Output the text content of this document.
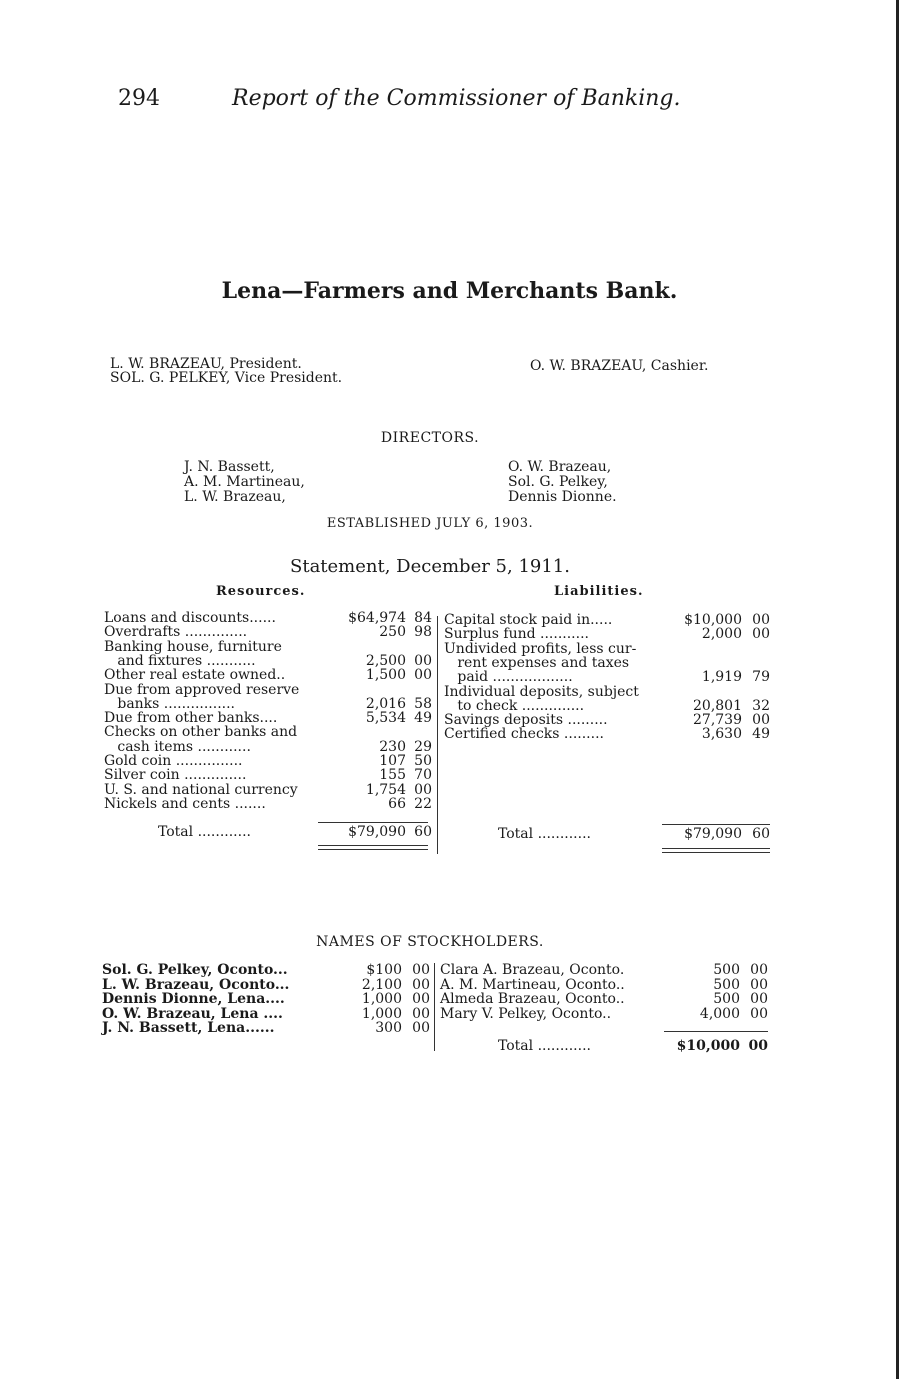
294	Report of the Commissioner of Banking.
Lena—Farmers and Merchants Bank.
L. W. BRAZEAU, President.
SOL. G. PELKEY, Vice President.
O. W. BRAZEAU, Cashier.
DIRECTORS.
J. N. Bassett,
A. M. Martineau,
L. W. Brazeau,
O. W. Brazeau,
Sol. G. Pelkey,
Dennis Dionne.
ESTABLISHED JULY 6, 1903.
Statement, December 5, 1911.
Resources.	Liabilities.
Loans and discounts......	$64,974 84
Overdrafts ..............	250 98
Banking house, furniture
and fixtures ...........	2,500 00
Other real estate owned..	1,500 00
Due from approved reserve
banks ................	2,016 58
Due from other banks....	5,534 49
Checks on other banks and
cash items ............	230 29
Gold coin ...............	107 50
Silver coin ..............	155 70
U. S. and national currency	1,754 00
Nickels and cents .......	66 22
Capital stock paid in.....	$10,000 00
Surplus fund ...........	2,000 00
Undivided profits, less cur-
rent expenses and taxes
paid ..................	1,919 79
Individual deposits, subject
to check ..............	20,801 32
Savings deposits .........	27,739 00
Certified checks .........	3,630 49
Total ............	$79,090 60	Total ............	$79,090 60
NAMES OF STOCKHOLDERS.
Sol. G. Pelkey, Oconto...	$100 00
L. W. Brazeau, Oconto...	2,100 00
Dennis Dionne, Lena....	1,000 00
O. W. Brazeau, Lena ....	1,000 00
J. N. Bassett, Lena......	300 00
Clara A. Brazeau, Oconto.	500 00
A. M. Martineau, Oconto..	500 00
Almeda Brazeau, Oconto..	500 00
Mary V. Pelkey, Oconto..	4,000 00
Total ............	$10,000 00
